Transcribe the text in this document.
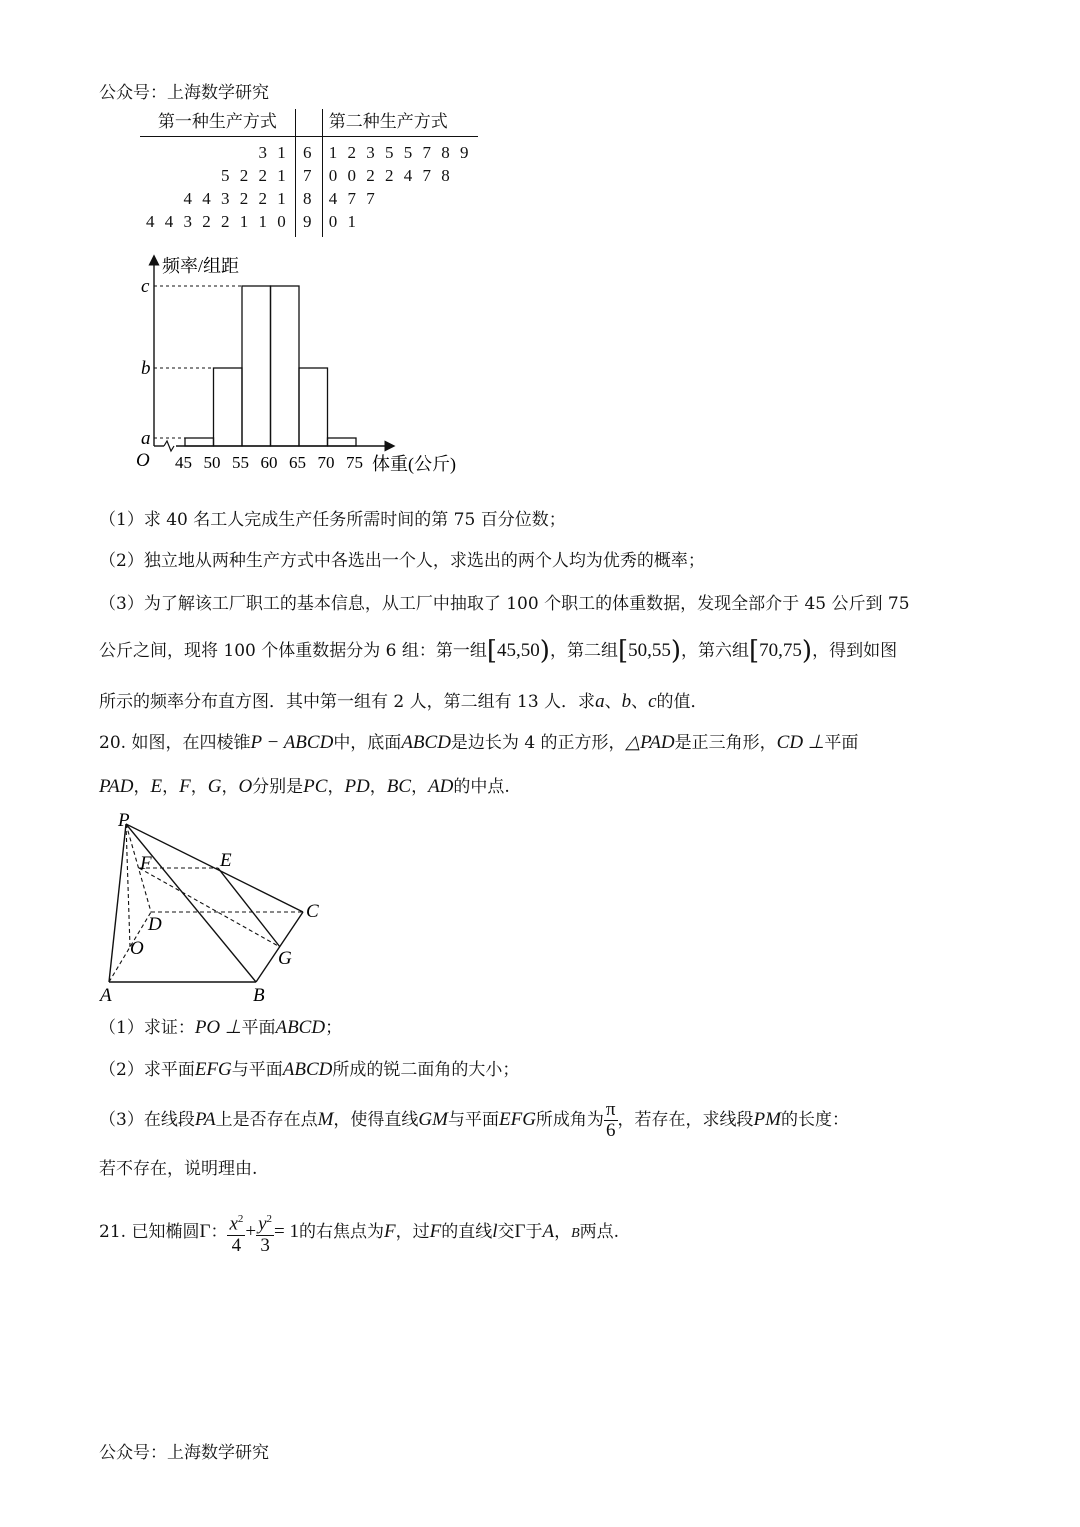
公众号：上海数学研究
第一种生产方式		第二种生产方式
3 1	6	1 2 3 5 5 7 8 9
5 2 2 1	7	0 0 2 2 4 7 8
4 4 3 2 2 1	8	4 7 7
4 4 3 2 2 1 1 0	9	0 1
a
b
c
45 50 55 60 65 70 75
O	体重(公斤)
频率/组距
（1）求 40 名工人完成生产任务所需时间的第 75 百分位数；
（2）独立地从两种生产方式中各选出一个人，求选出的两个人均为优秀的概率；
（3）为了解该工厂职工的基本信息，从工厂中抽取了 100 个职工的体重数据，发现全部介于 45 公斤到 75
公斤之间，现将 100 个体重数据分为 6 组：第一组[45,50)，第二组[50,55)，第六组[70,75)，得到如图
所示的频率分布直方图．其中第一组有 2 人，第二组有 13 人．求a、b、c的值．
20. 如图，在四棱锥P − ABCD中，底面ABCD是边长为 4 的正方形，△PAD是正三角形，CD ⊥平面
PAD，E，F，G，O分别是PC，PD，BC，AD的中点.
P
E
F
D
C
O	G
A	B
（1）求证：PO ⊥平面ABCD；
（2）求平面EFG与平面ABCD所成的锐二面角的大小；
（3）在线段PA上是否存在点M，使得直线GM与平面EFG所成角为 $\frac{\pi}{6}$ ，若存在，求线段PM的长度：
若不存在，说明理由.
21. 已知椭圆Γ： $\frac{x^2}{4} + \frac{y^2}{3} = 1$的右焦点为F，过F的直线l交Γ于A，B两点.
公众号：上海数学研究
